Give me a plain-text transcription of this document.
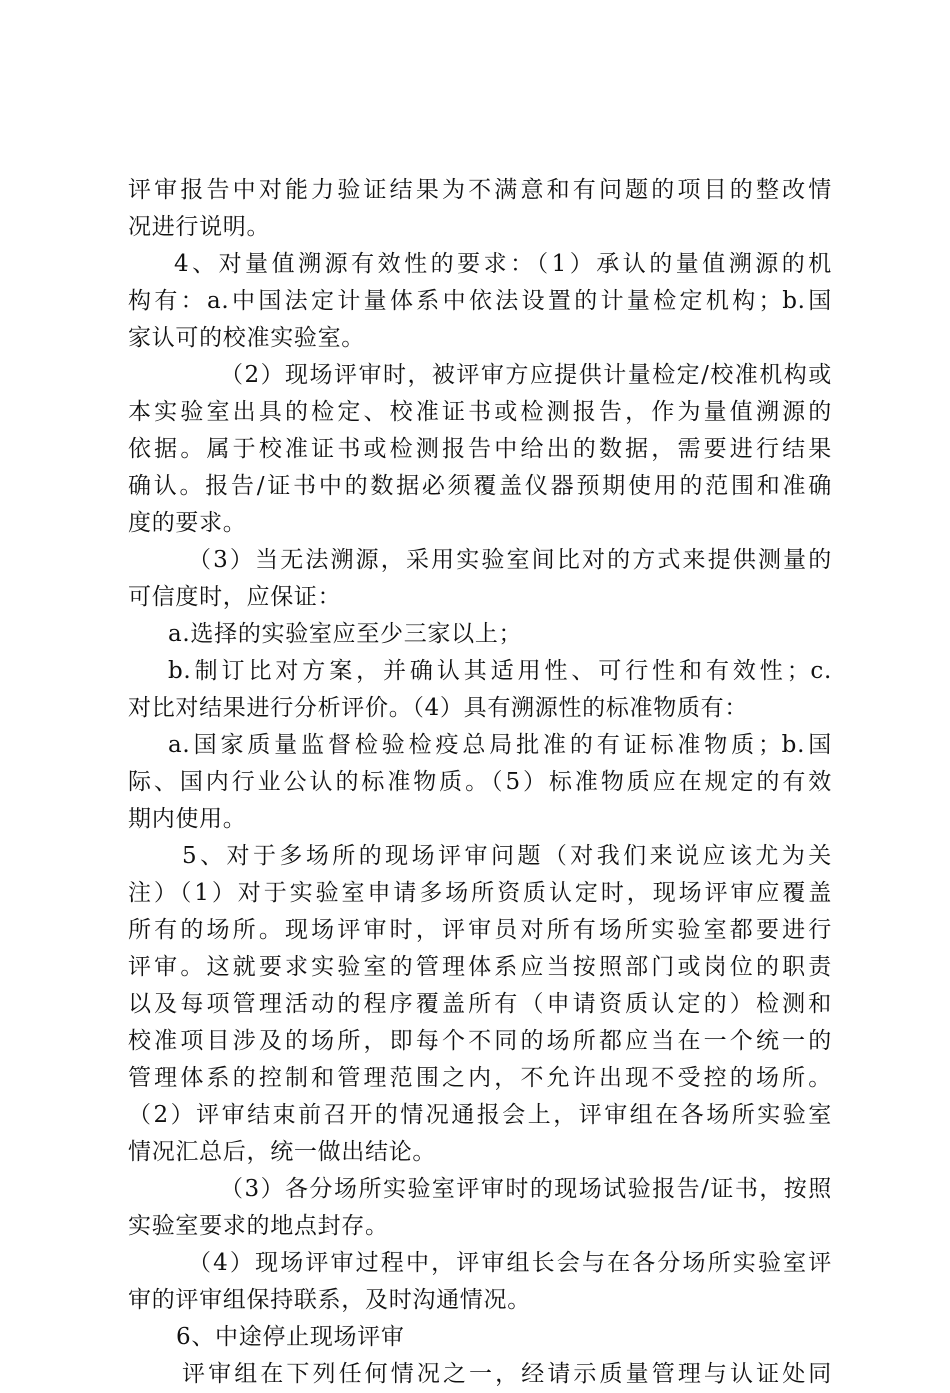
评审报告中对能力验证结果为不满意和有问题的项目的整改情
况进行说明。
4、对量值溯源有效性的要求：（1）承认的量值溯源的机
构有：a.中国法定计量体系中依法设置的计量检定机构；b.国
家认可的校准实验室。
（2）现场评审时，被评审方应提供计量检定/校准机构或
本实验室出具的检定、校准证书或检测报告，作为量值溯源的
依据。属于校准证书或检测报告中给出的数据，需要进行结果
确认。报告/证书中的数据必须覆盖仪器预期使用的范围和准确
度的要求。
（3）当无法溯源，采用实验室间比对的方式来提供测量的
可信度时，应保证：
a.选择的实验室应至少三家以上；
b.制订比对方案，并确认其适用性、可行性和有效性；c.
对比对结果进行分析评价。（4）具有溯源性的标准物质有：
a.国家质量监督检验检疫总局批准的有证标准物质；b.国
际、国内行业公认的标准物质。（5）标准物质应在规定的有效
期内使用。
5、对于多场所的现场评审问题（对我们来说应该尤为关
注）（1）对于实验室申请多场所资质认定时，现场评审应覆盖
所有的场所。现场评审时，评审员对所有场所实验室都要进行
评审。这就要求实验室的管理体系应当按照部门或岗位的职责
以及每项管理活动的程序覆盖所有（申请资质认定的）检测和
校准项目涉及的场所，即每个不同的场所都应当在一个统一的
管理体系的控制和管理范围之内，不允许出现不受控的场所。
（2）评审结束前召开的情况通报会上，评审组在各场所实验室
情况汇总后，统一做出结论。
（3）各分场所实验室评审时的现场试验报告/证书，按照
实验室要求的地点封存。
（4）现场评审过程中，评审组长会与在各分场所实验室评
审的评审组保持联系，及时沟通情况。
6、中途停止现场评审
评审组在下列任何情况之一，经请示质量管理与认证处同
